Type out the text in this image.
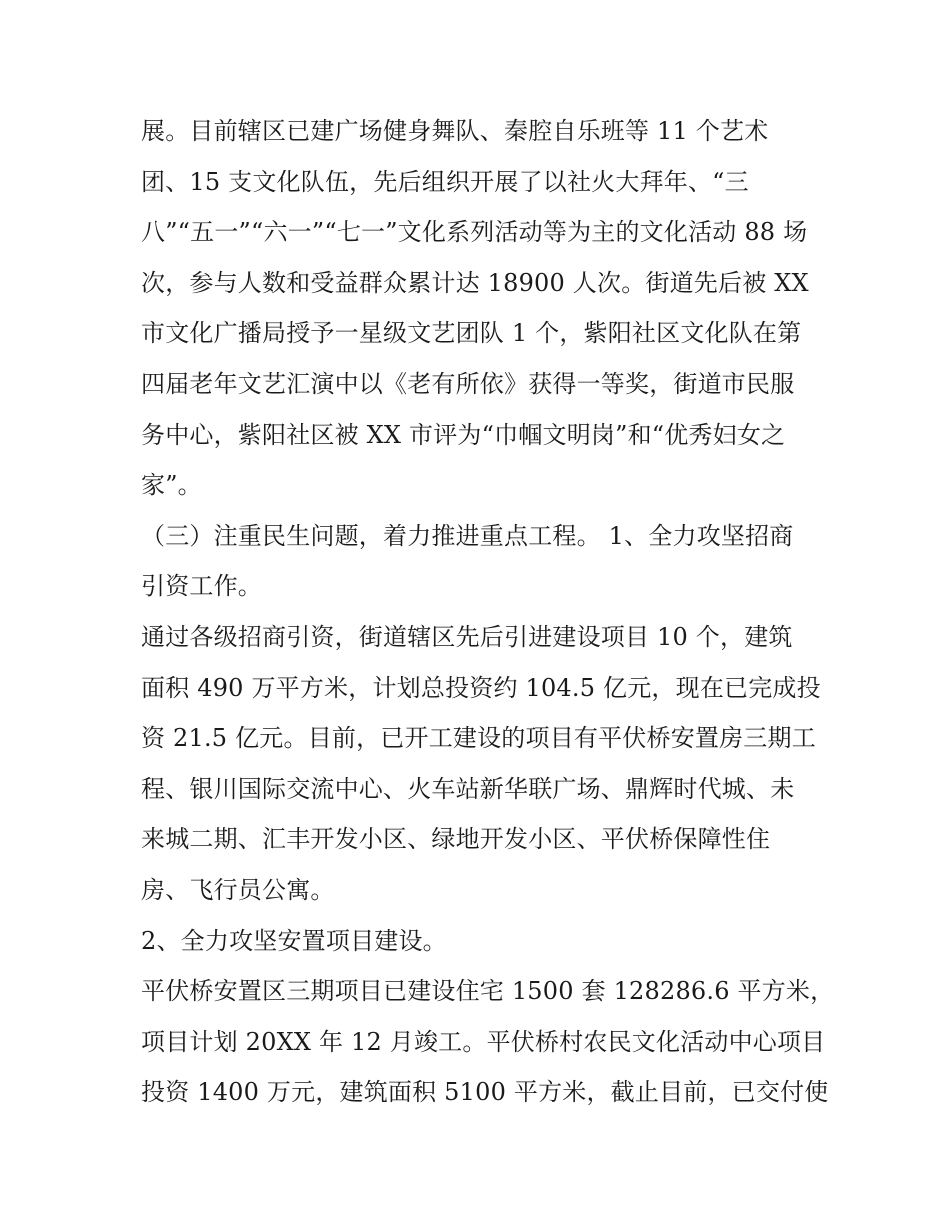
展。目前辖区已建广场健身舞队、秦腔自乐班等 11 个艺术
团、15 支文化队伍，先后组织开展了以社火大拜年、“三
八”“五一”“六一”“七一”文化系列活动等为主的文化活动 88 场
次，参与人数和受益群众累计达 18900 人次。街道先后被 XX
市文化广播局授予一星级文艺团队 1 个，紫阳社区文化队在第
四届老年文艺汇演中以《老有所依》获得一等奖，街道市民服
务中心，紫阳社区被 XX 市评为“巾帼文明岗”和“优秀妇女之
家”。
（三）注重民生问题，着力推进重点工程。 1、全力攻坚招商
引资工作。
通过各级招商引资，街道辖区先后引进建设项目 10 个，建筑
面积 490 万平方米，计划总投资约 104.5 亿元，现在已完成投
资 21.5 亿元。目前，已开工建设的项目有平伏桥安置房三期工
程、银川国际交流中心、火车站新华联广场、鼎辉时代城、未
来城二期、汇丰开发小区、绿地开发小区、平伏桥保障性住
房、飞行员公寓。
2、全力攻坚安置项目建设。
平伏桥安置区三期项目已建设住宅 1500 套 128286.6 平方米，
项目计划 20XX 年 12 月竣工。平伏桥村农民文化活动中心项目
投资 1400 万元，建筑面积 5100 平方米，截止目前，已交付使
